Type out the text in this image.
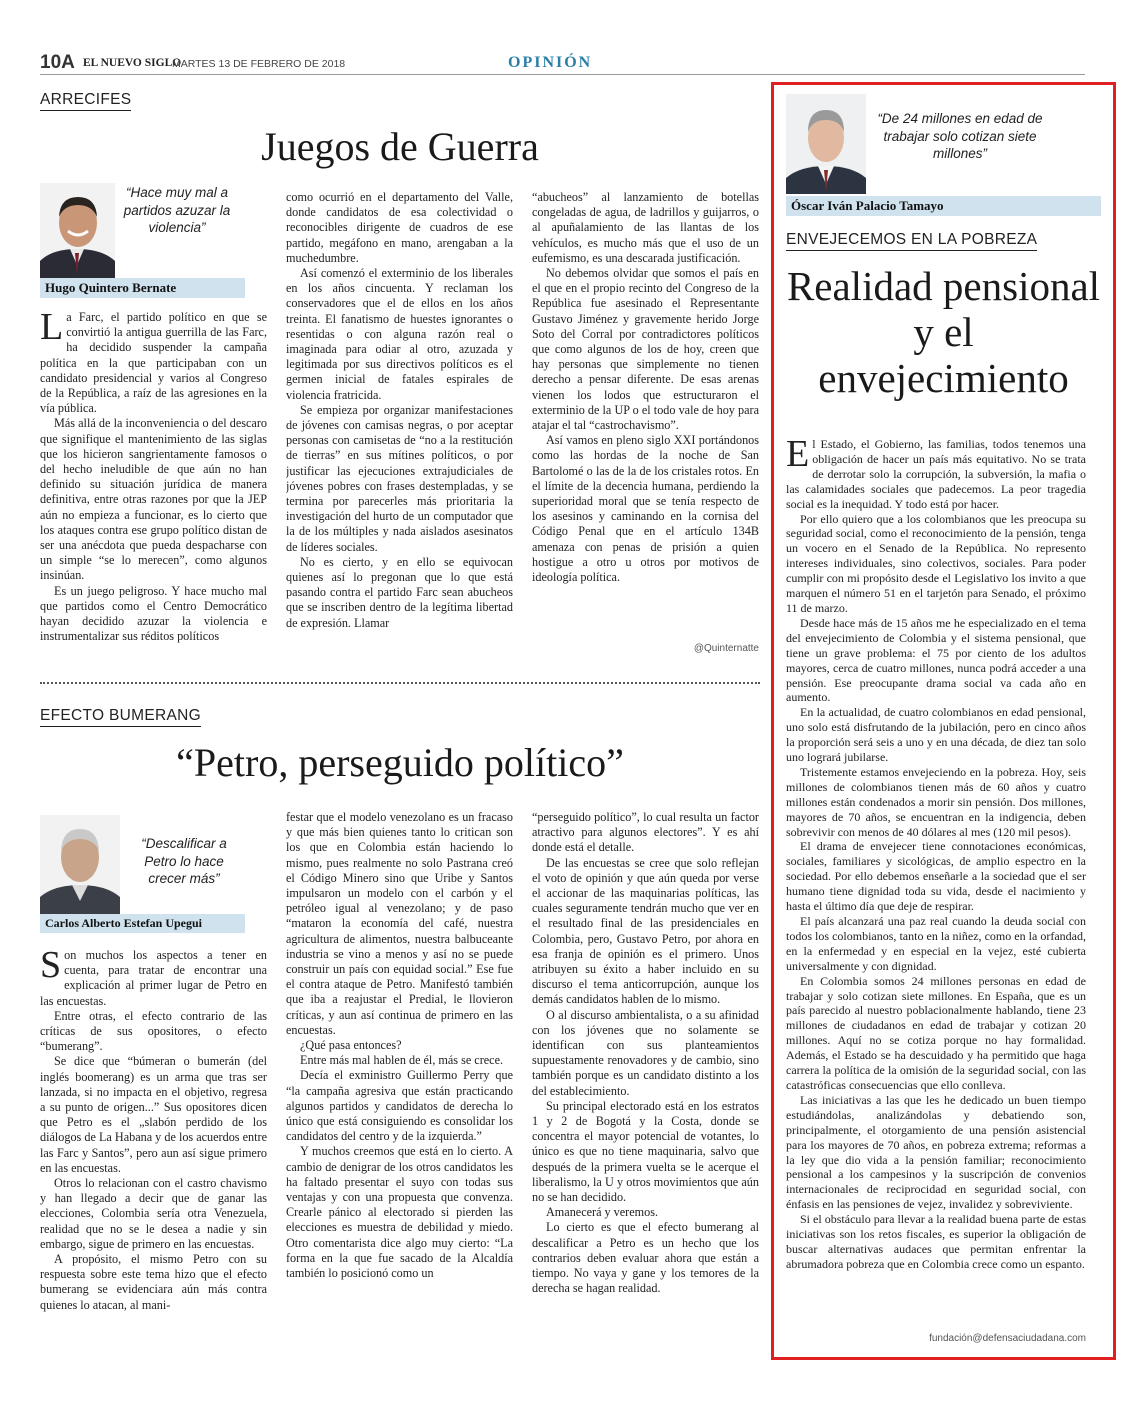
10A EL NUEVO SIGLO
MARTES 13 DE FEBRERO DE 2018	OPINIÓN
ARRECIFES
Juegos de Guerra
“Hace muy mal a partidos azuzar la violencia”
Hugo Quintero Bernate
L a Farc, el partido político en que se convirtió la antigua guerrilla de las Farc, ha decidido suspender la campaña política en la que participaban con un candidato presidencial y varios al Congreso de la República, a raíz de las agresiones en la vía pública.

Más allá de la inconveniencia o del descaro que signifique el mantenimiento de las siglas que los hicieron sangrientamente famosos o del hecho ineludible de que aún no han definido su situación jurídica de manera definitiva, entre otras razones por que la JEP aún no empieza a funcionar, es lo cierto que los ataques contra ese grupo político distan de ser una anécdota que pueda despacharse con un simple “se lo merecen”, como algunos insinúan.

Es un juego peligroso. Y hace mucho mal que partidos como el Centro Democrático hayan decidido azuzar la violencia e instrumentalizar sus réditos políticos

como ocurrió en el departamento del Valle, donde candidatos de esa colectividad o reconocibles dirigente de cuadros de ese partido, megáfono en mano, arengaban a la muchedumbre.

Así comenzó el exterminio de los liberales en los años cincuenta. Y reclaman los conservadores que el de ellos en los años treinta. El fanatismo de huestes ignorantes o resentidas o con alguna razón real o imaginada para odiar al otro, azuzada y legitimada por sus directivos políticos es el germen inicial de fatales espirales de violencia fratricida.

Se empieza por organizar manifestaciones de jóvenes con camisas negras, o por aceptar personas con camisetas de “no a la restitución de tierras” en sus mítines políticos, o por justificar las ejecuciones extrajudiciales de jóvenes pobres con frases destempladas, y se termina por parecerles más prioritaria la investigación del hurto de un computador que la de los múltiples y nada aislados asesinatos de líderes sociales.

No es cierto, y en ello se equivocan quienes así lo pregonan que lo que está pasando contra el partido Farc sean abucheos que se inscriben dentro de la legítima libertad de expresión. Llamar

“abucheos” al lanzamiento de botellas congeladas de agua, de ladrillos y guijarros, o al apuñalamiento de las llantas de los vehículos, es mucho más que el uso de un eufemismo, es una descarada justificación.

No debemos olvidar que somos el país en el que en el propio recinto del Congreso de la República fue asesinado el Representante Gustavo Jiménez y gravemente herido Jorge Soto del Corral por contradictores políticos que como algunos de los de hoy, creen que hay personas que simplemente no tienen derecho a pensar diferente. De esas arenas vienen los lodos que estructuraron el exterminio de la UP o el todo vale de hoy para atajar el tal “castrochavismo”.

Así vamos en pleno siglo XXI portándonos como las hordas de la noche de San Bartolomé o las de la de los cristales rotos. En el límite de la decencia humana, perdiendo la superioridad moral que se tenía respecto de los asesinos y caminando en la cornisa del Código Penal que en el artículo 134B amenaza con penas de prisión a quien hostigue a otro u otros por motivos de ideología política.

@Quinternatte
EFECTO BUMERANG
“Petro, perseguido político”
“Descalificar a Petro lo hace crecer más”
Carlos Alberto Estefan Upegui
S on muchos los aspectos a tener en cuenta, para tratar de encontrar una explicación al primer lugar de Petro en las encuestas.

Entre otras, el efecto contrario de las críticas de sus opositores, o efecto “bumerang”.

Se dice que “búmeran o bumerán (del inglés boomerang) es un arma que tras ser lanzada, si no impacta en el objetivo, regresa a su punto de origen...” Sus opositores dicen que Petro es el „slabón perdido de los diálogos de La Habana y de los acuerdos entre las Farc y Santos”, pero aun así sigue primero en las encuestas.

Otros lo relacionan con el castro chavismo y han llegado a decir que de ganar las elecciones, Colombia sería otra Venezuela, realidad que no se le desea a nadie y sin embargo, sigue de primero en las encuestas.

A propósito, el mismo Petro con su respuesta sobre este tema hizo que el efecto bumerang se evidenciara aún más contra quienes lo atacan, al mani-

festar que el modelo venezolano es un fracaso y que más bien quienes tanto lo critican son los que en Colombia están haciendo lo mismo, pues realmente no solo Pastrana creó el Código Minero sino que Uribe y Santos impulsaron un modelo con el carbón y el petróleo igual al venezolano; y de paso “mataron la economía del café, nuestra agricultura de alimentos, nuestra balbuceante industria se vino a menos y así no se puede construir un país con equidad social.” Ese fue el contra ataque de Petro. Manifestó también que iba a reajustar el Predial, le llovieron críticas, y aun así continua de primero en las encuestas.

¿Qué pasa entonces?

Entre más mal hablen de él, más se crece.

Decía el exministro Guillermo Perry que “la campaña agresiva que están practicando algunos partidos y candidatos de derecha lo único que está consiguiendo es consolidar los candidatos del centro y de la izquierda.”

Y muchos creemos que está en lo cierto. A cambio de denigrar de los otros candidatos les ha faltado presentar el suyo con todas sus ventajas y con una propuesta que convenza. Crearle pánico al electorado si pierden las elecciones es muestra de debilidad y miedo. Otro comentarista dice algo muy cierto: “La forma en la que fue sacado de la Alcaldía también lo posicionó como un

“perseguido político”, lo cual resulta un factor atractivo para algunos electores”. Y es ahí donde está el detalle.

De las encuestas se cree que solo reflejan el voto de opinión y que aún queda por verse el accionar de las maquinarias políticas, las cuales seguramente tendrán mucho que ver en el resultado final de las presidenciales en Colombia, pero, Gustavo Petro, por ahora en esa franja de opinión es el primero. Unos atribuyen su éxito a haber incluido en su discurso el tema anticorrupción, aunque los demás candidatos hablen de lo mismo.

O al discurso ambientalista, o a su afinidad con los jóvenes que no solamente se identifican con sus planteamientos supuestamente renovadores y de cambio, sino también porque es un candidato distinto a los del establecimiento.

Su principal electorado está en los estratos 1 y 2 de Bogotá y la Costa, donde se concentra el mayor potencial de votantes, lo único es que no tiene maquinaria, salvo que después de la primera vuelta se le acerque el liberalismo, la U y otros movimientos que aún no se han decidido.

Amanecerá y veremos.

Lo cierto es que el efecto bumerang al descalificar a Petro es un hecho que los contrarios deben evaluar ahora que están a tiempo. No vaya y gane y los temores de la derecha se hagan realidad.

“De 24 millones en edad de trabajar solo cotizan siete millones”
Óscar Iván Palacio Tamayo
ENVEJECEMOS EN LA POBREZA
Realidad pensional y el envejecimiento
E l Estado, el Gobierno, las familias, todos tenemos una obligación de hacer un país más equitativo. No se trata de derrotar solo la corrupción, la subversión, la mafia o las calamidades sociales que padecemos. La peor tragedia social es la inequidad. Y todo está por hacer.

Por ello quiero que a los colombianos que les preocupa su seguridad social, como el reconocimiento de la pensión, tenga un vocero en el Senado de la República. No represento intereses individuales, sino colectivos, sociales. Para poder cumplir con mi propósito desde el Legislativo los invito a que marquen el número 51 en el tarjetón para Senado, el próximo 11 de marzo.

Desde hace más de 15 años me he especializado en el tema del envejecimiento de Colombia y el sistema pensional, que tiene un grave problema: el 75 por ciento de los adultos mayores, cerca de cuatro millones, nunca podrá acceder a una pensión. Ese preocupante drama social va cada año en aumento.

En la actualidad, de cuatro colombianos en edad pensional, uno solo está disfrutando de la jubilación, pero en cinco años la proporción será seis a uno y en una década, de diez tan solo uno logrará jubilarse.

Tristemente estamos envejeciendo en la pobreza. Hoy, seis millones de colombianos tienen más de 60 años y cuatro millones están condenados a morir sin pensión. Dos millones, mayores de 70 años, se encuentran en la indigencia, deben sobrevivir con menos de 40 dólares al mes (120 mil pesos).

El drama de envejecer tiene connotaciones económicas, sociales, familiares y sicológicas, de amplio espectro en la sociedad. Por ello debemos enseñarle a la sociedad que el ser humano tiene dignidad toda su vida, desde el nacimiento y hasta el último día que deje de respirar.

El país alcanzará una paz real cuando la deuda social con todos los colombianos, tanto en la niñez, como en la orfandad, en la enfermedad y en especial en la vejez, esté cubierta universalmente y con dignidad.

En Colombia somos 24 millones personas en edad de trabajar y solo cotizan siete millones. En España, que es un país parecido al nuestro poblacionalmente hablando, tiene 23 millones de ciudadanos en edad de trabajar y cotizan 20 millones. Aquí no se cotiza porque no hay formalidad. Además, el Estado se ha descuidado y ha permitido que haga carrera la política de la omisión de la seguridad social, con las catastróficas consecuencias que ello conlleva.

Las iniciativas a las que les he dedicado un buen tiempo estudiándolas, analizándolas y debatiendo son, principalmente, el otorgamiento de una pensión asistencial para los mayores de 70 años, en pobreza extrema; reformas a la ley que dio vida a la pensión familiar; reconocimiento pensional a los campesinos y la suscripción de convenios internacionales de reciprocidad en seguridad social, con énfasis en las pensiones de vejez, invalidez y sobreviviente.

Si el obstáculo para llevar a la realidad buena parte de estas iniciativas son los retos fiscales, es superior la obligación de buscar alternativas audaces que permitan enfrentar la abrumadora pobreza que en Colombia crece como un espanto.

fundación@defensaciudadana.com
